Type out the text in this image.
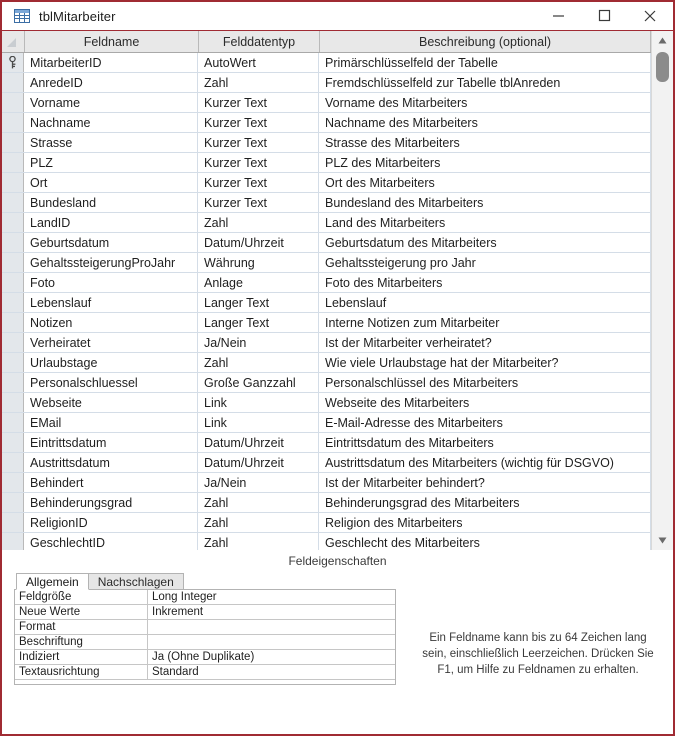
tblMitarbeiter
Feldname	Felddatentyp	Beschreibung (optional)
MitarbeiterID	AutoWert	Primärschlüsselfeld der Tabelle
AnredeID	Zahl	Fremdschlüsselfeld zur Tabelle tblAnreden
Vorname	Kurzer Text	Vorname des Mitarbeiters
Nachname	Kurzer Text	Nachname des Mitarbeiters
Strasse	Kurzer Text	Strasse des Mitarbeiters
PLZ	Kurzer Text	PLZ des Mitarbeiters
Ort	Kurzer Text	Ort des Mitarbeiters
Bundesland	Kurzer Text	Bundesland des Mitarbeiters
LandID	Zahl	Land des Mitarbeiters
Geburtsdatum	Datum/Uhrzeit	Geburtsdatum des Mitarbeiters
GehaltssteigerungProJahr	Währung	Gehaltssteigerung pro Jahr
Foto	Anlage	Foto des Mitarbeiters
Lebenslauf	Langer Text	Lebenslauf
Notizen	Langer Text	Interne Notizen zum Mitarbeiter
Verheiratet	Ja/Nein	Ist der Mitarbeiter verheiratet?
Urlaubstage	Zahl	Wie viele Urlaubstage hat der Mitarbeiter?
Personalschluessel	Große Ganzzahl	Personalschlüssel des Mitarbeiters
Webseite	Link	Webseite des Mitarbeiters
EMail	Link	E-Mail-Adresse des Mitarbeiters
Eintrittsdatum	Datum/Uhrzeit	Eintrittsdatum des Mitarbeiters
Austrittsdatum	Datum/Uhrzeit	Austrittsdatum des Mitarbeiters (wichtig für DSGVO)
Behindert	Ja/Nein	Ist der Mitarbeiter behindert?
Behinderungsgrad	Zahl	Behinderungsgrad des Mitarbeiters
ReligionID	Zahl	Religion des Mitarbeiters
GeschlechtID	Zahl	Geschlecht des Mitarbeiters
Feldeigenschaften
Allgemein	Nachschlagen
Feldgröße	Long Integer
Neue Werte	Inkrement
Format
Beschriftung
Indiziert	Ja (Ohne Duplikate)
Textausrichtung	Standard
Ein Feldname kann bis zu 64 Zeichen lang sein, einschließlich Leerzeichen. Drücken Sie F1, um Hilfe zu Feldnamen zu erhalten.
